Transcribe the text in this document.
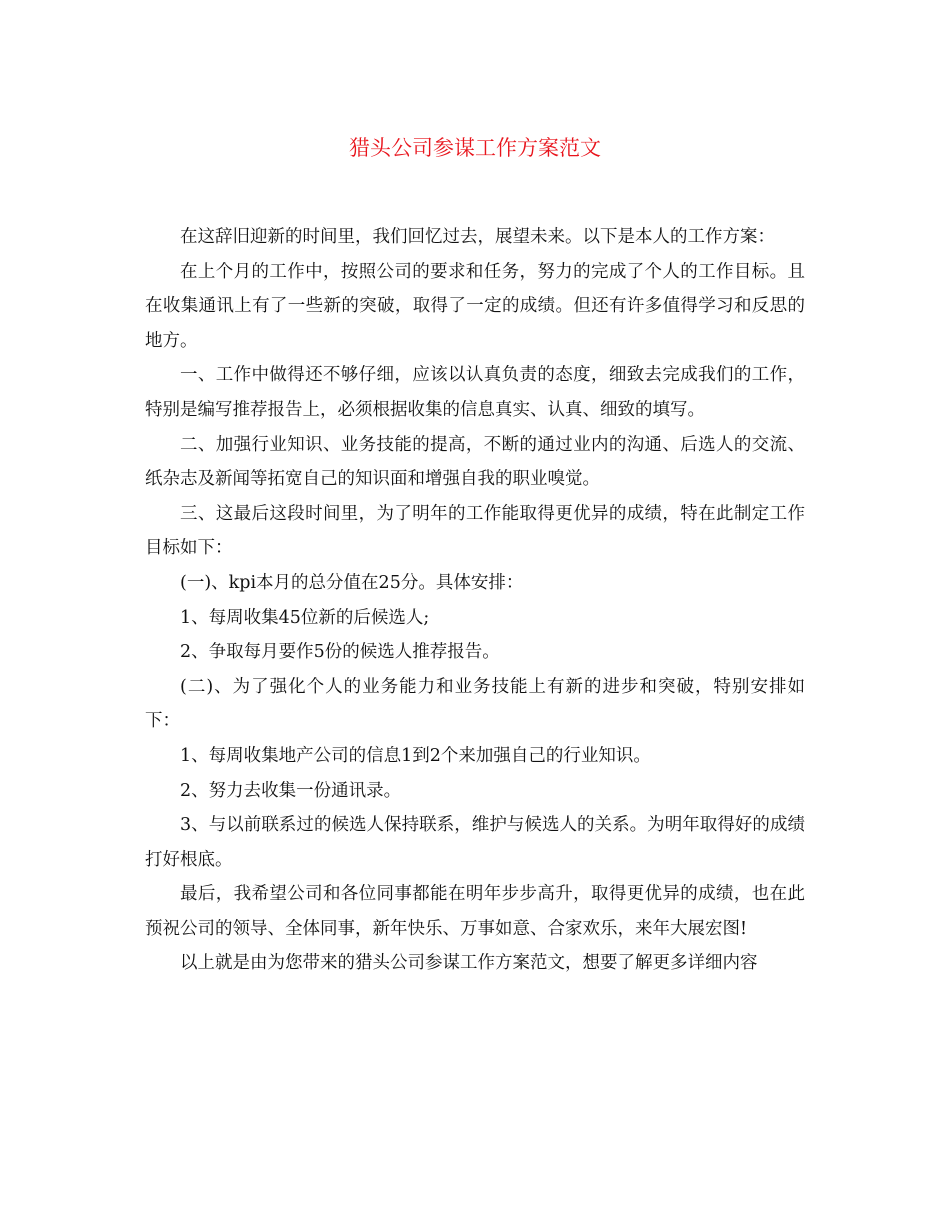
猎头公司参谋工作方案范文

在这辞旧迎新的时间里，我们回忆过去，展望未来。以下是本人的工作方案：

在上个月的工作中，按照公司的要求和任务，努力的完成了个人的工作目标。且在收集通讯上有了一些新的突破，取得了一定的成绩。但还有许多值得学习和反思的地方。

一、工作中做得还不够仔细，应该以认真负责的态度，细致去完成我们的工作，特别是编写推荐报告上，必须根据收集的信息真实、认真、细致的填写。

二、加强行业知识、业务技能的提高，不断的通过业内的沟通、后选人的交流、纸杂志及新闻等拓宽自己的知识面和增强自我的职业嗅觉。

三、这最后这段时间里，为了明年的工作能取得更优异的成绩，特在此制定工作目标如下：

(一)、kpi本月的总分值在25分。具体安排：

1、每周收集45位新的后候选人;

2、争取每月要作5份的候选人推荐报告。

(二)、为了强化个人的业务能力和业务技能上有新的进步和突破，特别安排如下：

1、每周收集地产公司的信息1到2个来加强自己的行业知识。

2、努力去收集一份通讯录。

3、与以前联系过的候选人保持联系，维护与候选人的关系。为明年取得好的成绩打好根底。

最后，我希望公司和各位同事都能在明年步步高升，取得更优异的成绩，也在此预祝公司的领导、全体同事，新年快乐、万事如意、合家欢乐，来年大展宏图!

以上就是由为您带来的猎头公司参谋工作方案范文，想要了解更多详细内容
